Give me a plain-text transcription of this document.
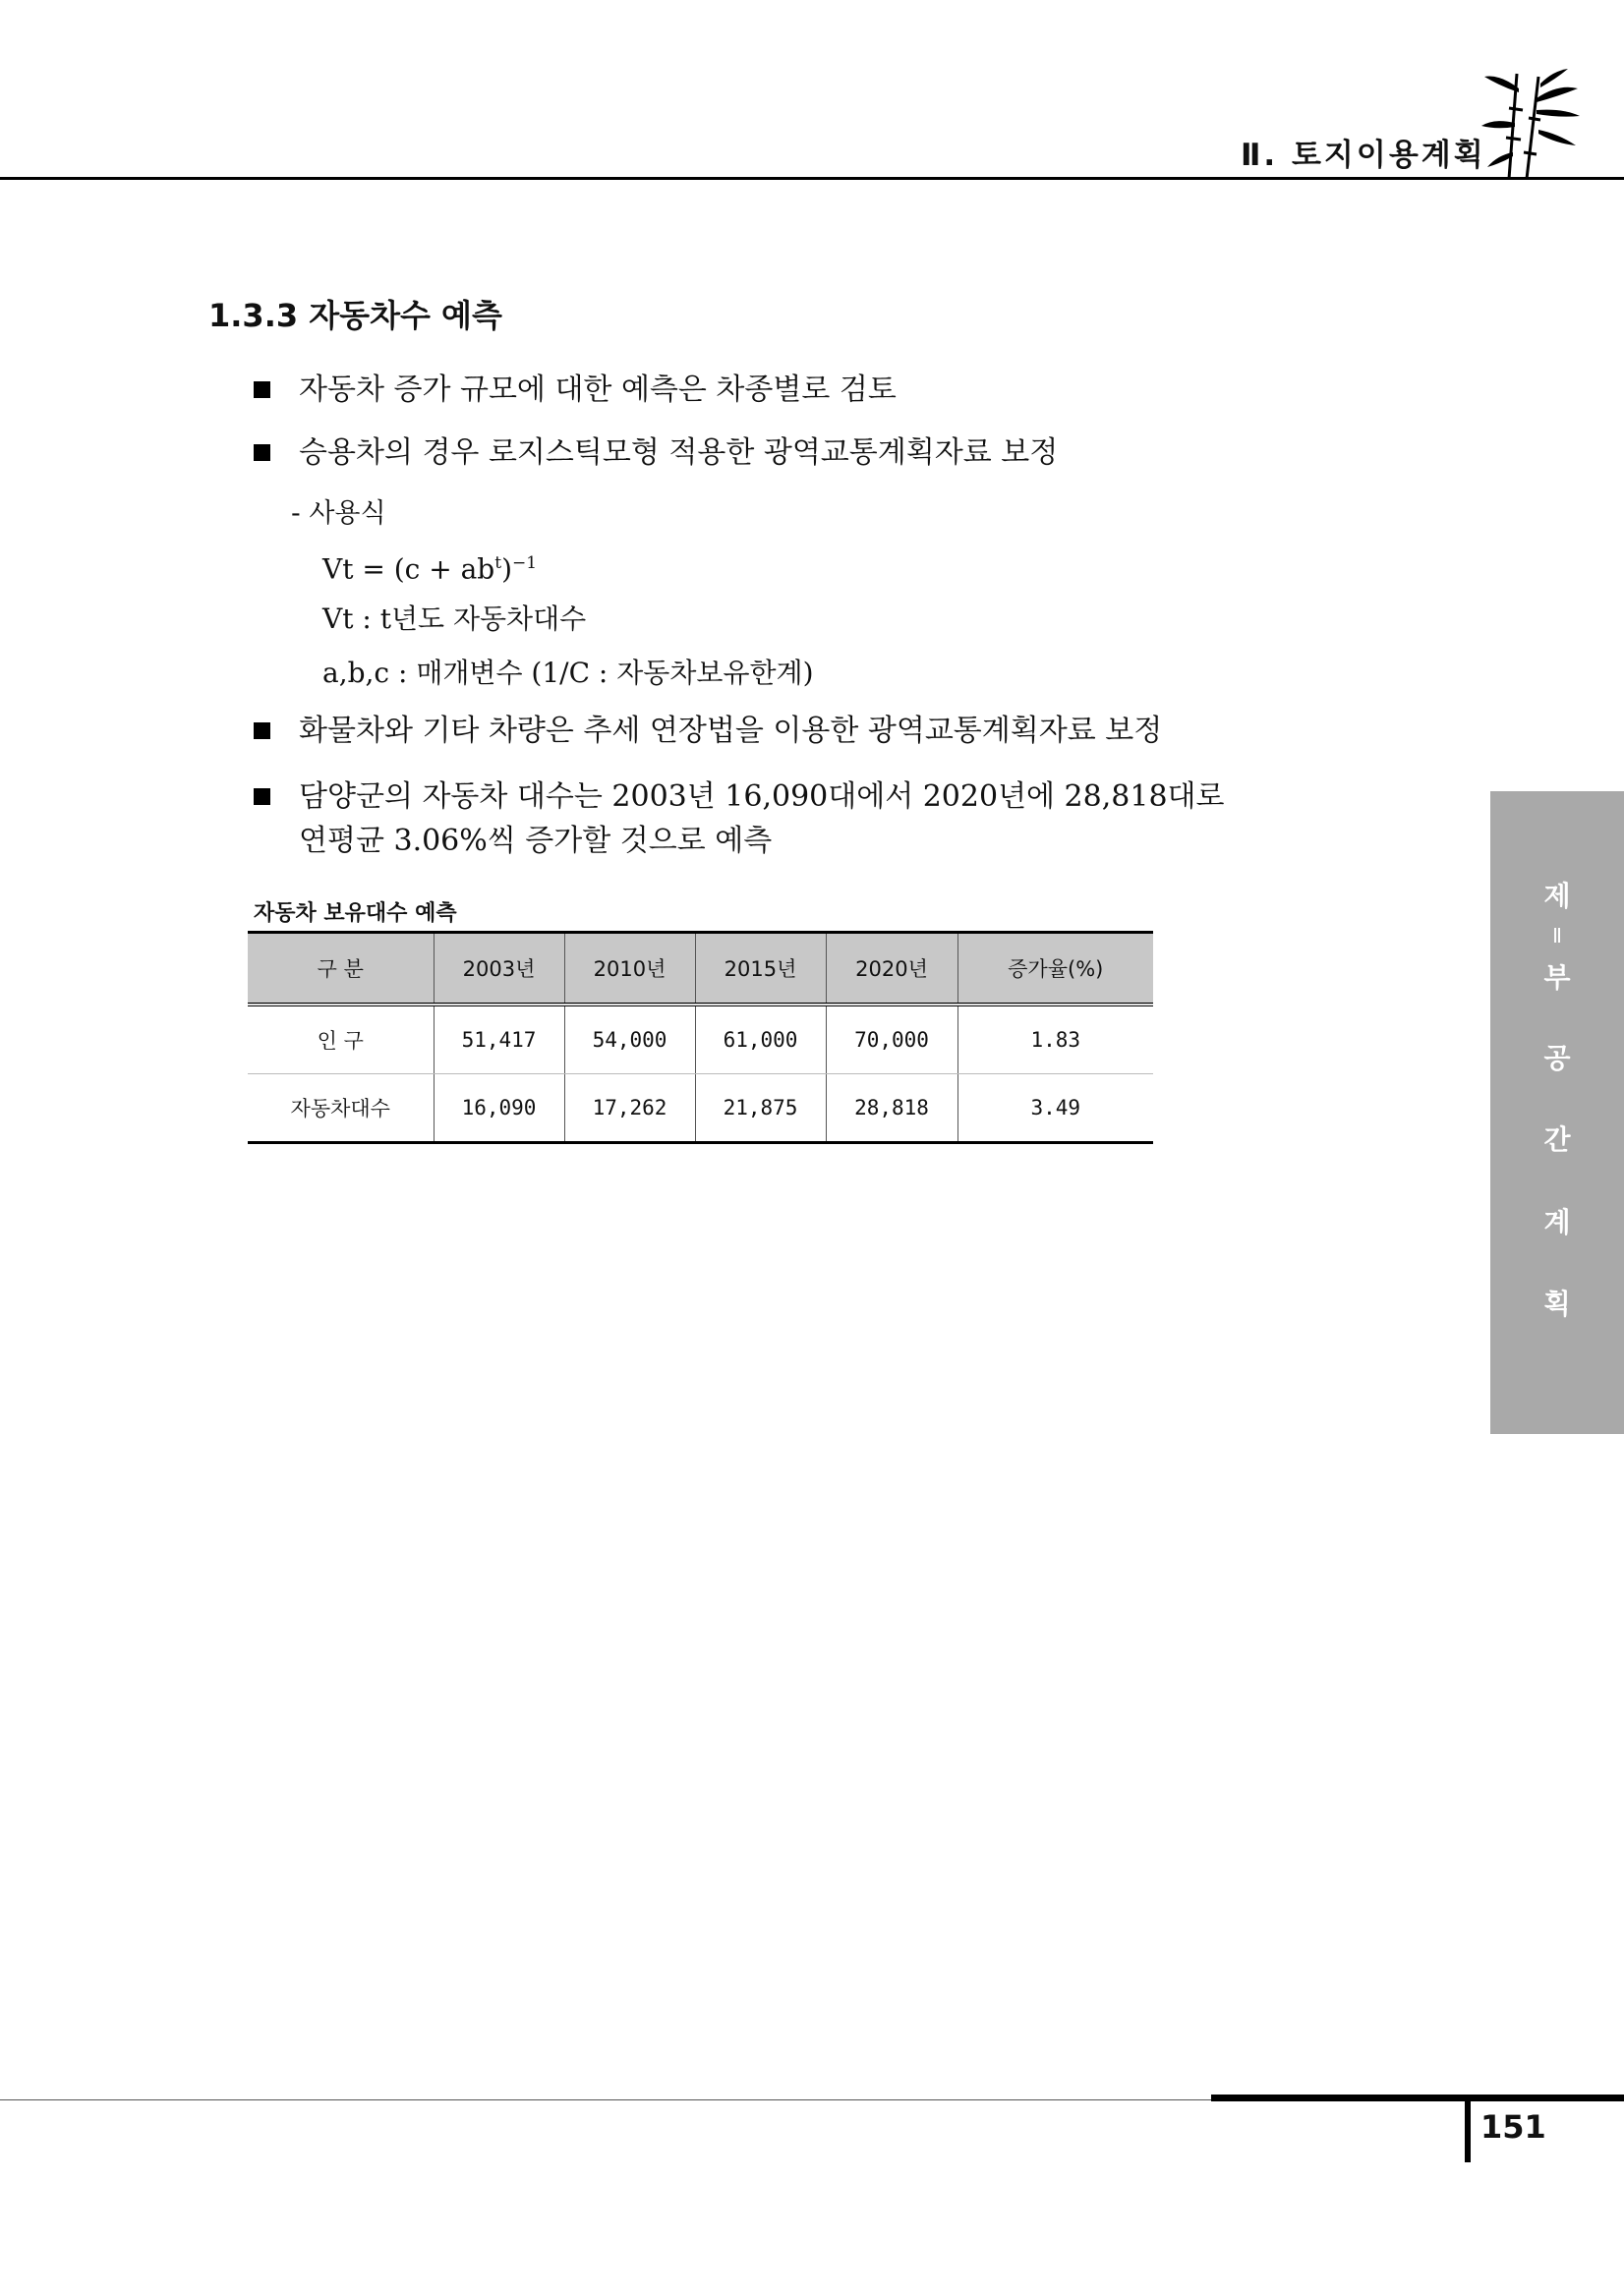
Ⅱ. 토지이용계획
1.3.3 자동차수 예측
자동차 증가 규모에 대한 예측은 차종별로 검토
승용차의 경우 로지스틱모형 적용한 광역교통계획자료 보정
- 사용식
$Vt = (c + ab^t)^{-1}$
Vt : t년도 자동차대수
a,b,c : 매개변수 (1/C : 자동차보유한계)
화물차와 기타 차량은 추세 연장법을 이용한 광역교통계획자료 보정
담양군의 자동차 대수는 2003년 16,090대에서 2020년에 28,818대로
연평균 3.06%씩 증가할 것으로 예측
자동차 보유대수 예측
구 분	2003년	2010년	2015년	2020년	증가율(%)
인 구	51,417	54,000	61,000	70,000	1.83
자동차대수	16,090	17,262	21,875	28,818	3.49
제
Ⅱ
부
공
간
계
획
151
